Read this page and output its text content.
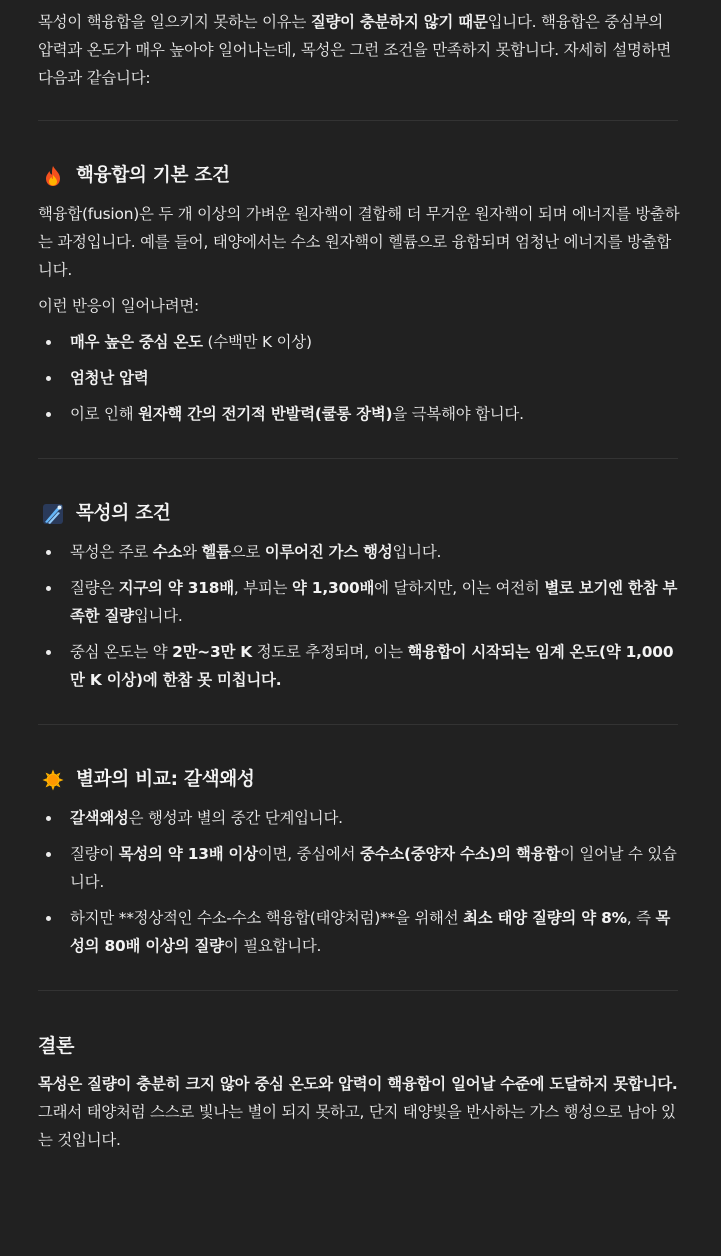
목성이 핵융합을 일으키지 못하는 이유는 질량이 충분하지 않기 때문입니다. 핵융합은 중심부의 압력과 온도가 매우 높아야 일어나는데, 목성은 그런 조건을 만족하지 못합니다. 자세히 설명하면 다음과 같습니다:

핵융합의 기본 조건

핵융합(fusion)은 두 개 이상의 가벼운 원자핵이 결합해 더 무거운 원자핵이 되며 에너지를 방출하는 과정입니다. 예를 들어, 태양에서는 수소 원자핵이 헬륨으로 융합되며 엄청난 에너지를 방출합니다.

이런 반응이 일어나려면:

매우 높은 중심 온도 (수백만 K 이상)
엄청난 압력
이로 인해 원자핵 간의 전기적 반발력(쿨롱 장벽)을 극복해야 합니다.
목성의 조건
목성은 주로 수소와 헬륨으로 이루어진 가스 행성입니다.
질량은 지구의 약 318배, 부피는 약 1,300배에 달하지만, 이는 여전히 별로 보기엔 한참 부족한 질량입니다.
중심 온도는 약 2만~3만 K 정도로 추정되며, 이는 핵융합이 시작되는 임계 온도(약 1,000만 K 이상)에 한참 못 미칩니다.
별과의 비교: 갈색왜성
갈색왜성은 행성과 별의 중간 단계입니다.
질량이 목성의 약 13배 이상이면, 중심에서 중수소(중양자 수소)의 핵융합이 일어날 수 있습니다.
하지만 **정상적인 수소-수소 핵융합(태양처럼)**을 위해선 최소 태양 질량의 약 8%, 즉 목성의 80배 이상의 질량이 필요합니다.
결론

목성은 질량이 충분히 크지 않아 중심 온도와 압력이 핵융합이 일어날 수준에 도달하지 못합니다.
그래서 태양처럼 스스로 빛나는 별이 되지 못하고, 단지 태양빛을 반사하는 가스 행성으로 남아 있는 것입니다.
